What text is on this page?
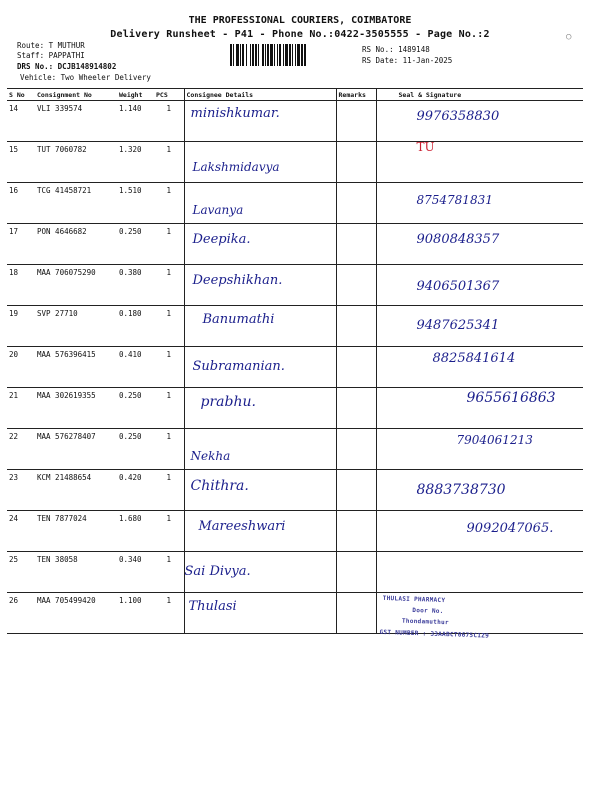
THE PROFESSIONAL COURIERS, COIMBATORE
Delivery Runsheet - P41 - Phone No.:0422-3505555 - Page No.:2	○
Route: T MUTHUR
Staff: PAPPATHI
DRS No.: DCJB148914802
Vehicle: Two Wheeler Delivery
RS No.: 1489148
RS Date: 11-Jan-2025
S No	Consignment No	Weight	PCS	Consignee Details	Remarks	Seal & Signature
14	VLI 339574	1.140	1	minishkumar.		9976358830

15	TUT 7060782	1.320	1	Lakshmidavya		TU

16	TCG 41458721	1.510	1	Lavanya		8754781831

17	PON 4646682	0.250	1	Deepika.		9080848357

18	MAA 706075290	0.380	1	Deepshikhan.		9406501367

19	SVP 27710	0.180	1	Banumathi		9487625341

20	MAA 576396415	0.410	1	Subramanian.		8825841614

21	MAA 302619355	0.250	1	prabhu.		9655616863

22	MAA 576278407	0.250	1	Nekha		7904061213

23	KCM 21488654	0.420	1	Chithra.		8883738730

24	TEN 7877024	1.680	1	Mareeshwari		9092047065.

25	TEN 38058	0.340	1	Sai Divya.		

26	MAA 705499420	1.100	1	Thulasi		
			THULASI PHARMACY
Door No.
Thondamuthur
GST NUMBER : 33AABCT0675C1Z9
